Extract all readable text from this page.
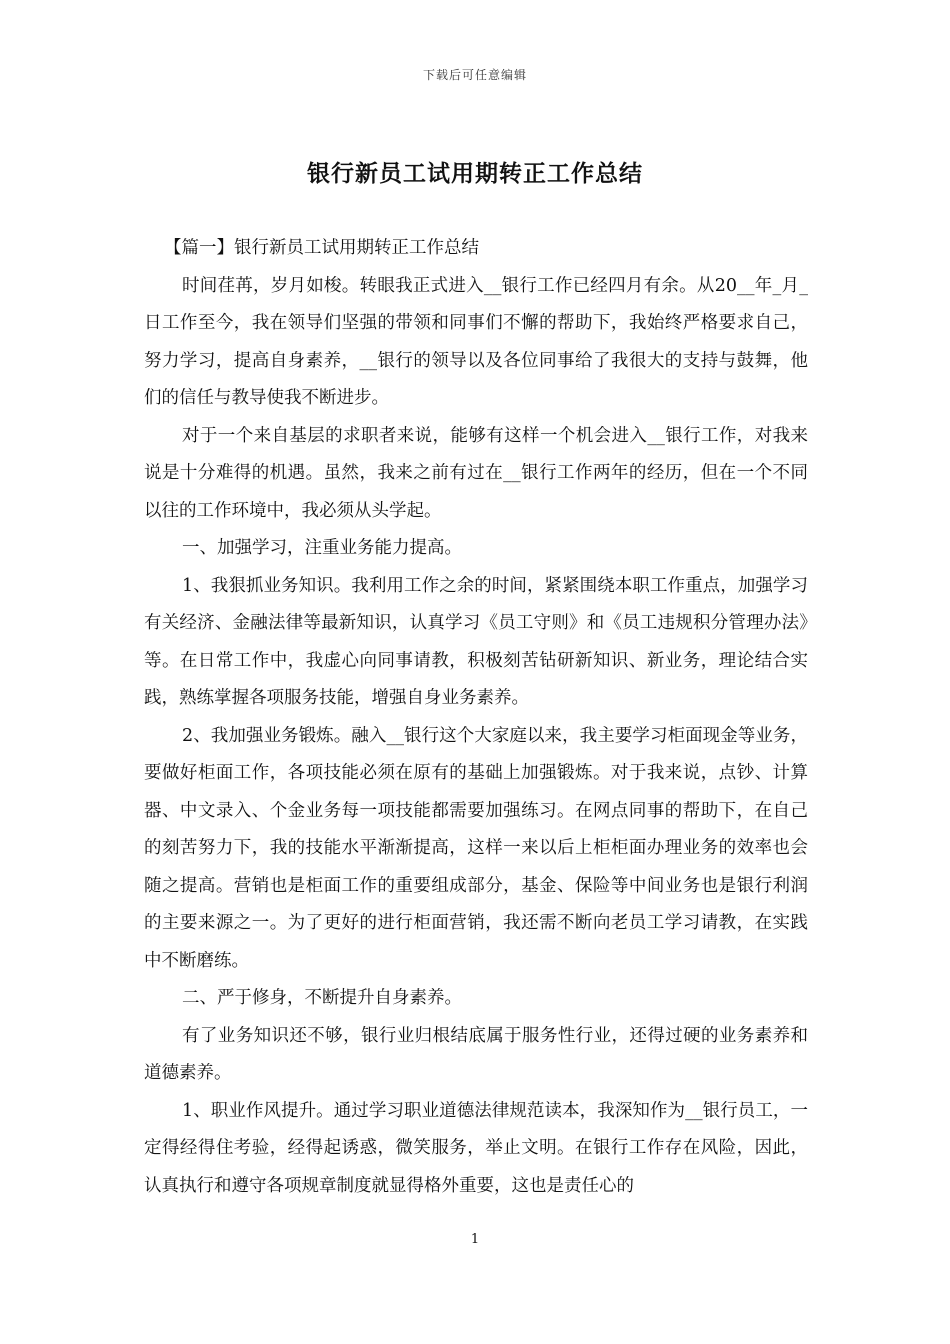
下载后可任意编辑
银行新员工试用期转正工作总结

【篇一】银行新员工试用期转正工作总结

时间荏苒，岁月如梭。转眼我正式进入__银行工作已经四月有余。从20__年_月_日工作至今，我在领导们坚强的带领和同事们不懈的帮助下，我始终严格要求自己，努力学习，提高自身素养，__银行的领导以及各位同事给了我很大的支持与鼓舞，他们的信任与教导使我不断进步。

对于一个来自基层的求职者来说，能够有这样一个机会进入__银行工作，对我来说是十分难得的机遇。虽然，我来之前有过在__银行工作两年的经历，但在一个不同以往的工作环境中，我必须从头学起。

一、加强学习，注重业务能力提高。

1、我狠抓业务知识。我利用工作之余的时间，紧紧围绕本职工作重点，加强学习有关经济、金融法律等最新知识，认真学习《员工守则》和《员工违规积分管理办法》等。在日常工作中，我虚心向同事请教，积极刻苦钻研新知识、新业务，理论结合实践，熟练掌握各项服务技能，增强自身业务素养。

2、我加强业务锻炼。融入__银行这个大家庭以来，我主要学习柜面现金等业务，要做好柜面工作，各项技能必须在原有的基础上加强锻炼。对于我来说，点钞、计算器、中文录入、个金业务每一项技能都需要加强练习。在网点同事的帮助下，在自己的刻苦努力下，我的技能水平渐渐提高，这样一来以后上柜柜面办理业务的效率也会随之提高。营销也是柜面工作的重要组成部分，基金、保险等中间业务也是银行利润的主要来源之一。为了更好的进行柜面营销，我还需不断向老员工学习请教，在实践中不断磨练。

二、严于修身，不断提升自身素养。

有了业务知识还不够，银行业归根结底属于服务性行业，还得过硬的业务素养和道德素养。

1、职业作风提升。通过学习职业道德法律规范读本，我深知作为__银行员工，一定得经得住考验，经得起诱惑，微笑服务，举止文明。在银行工作存在风险，因此，认真执行和遵守各项规章制度就显得格外重要，这也是责任心的

1
